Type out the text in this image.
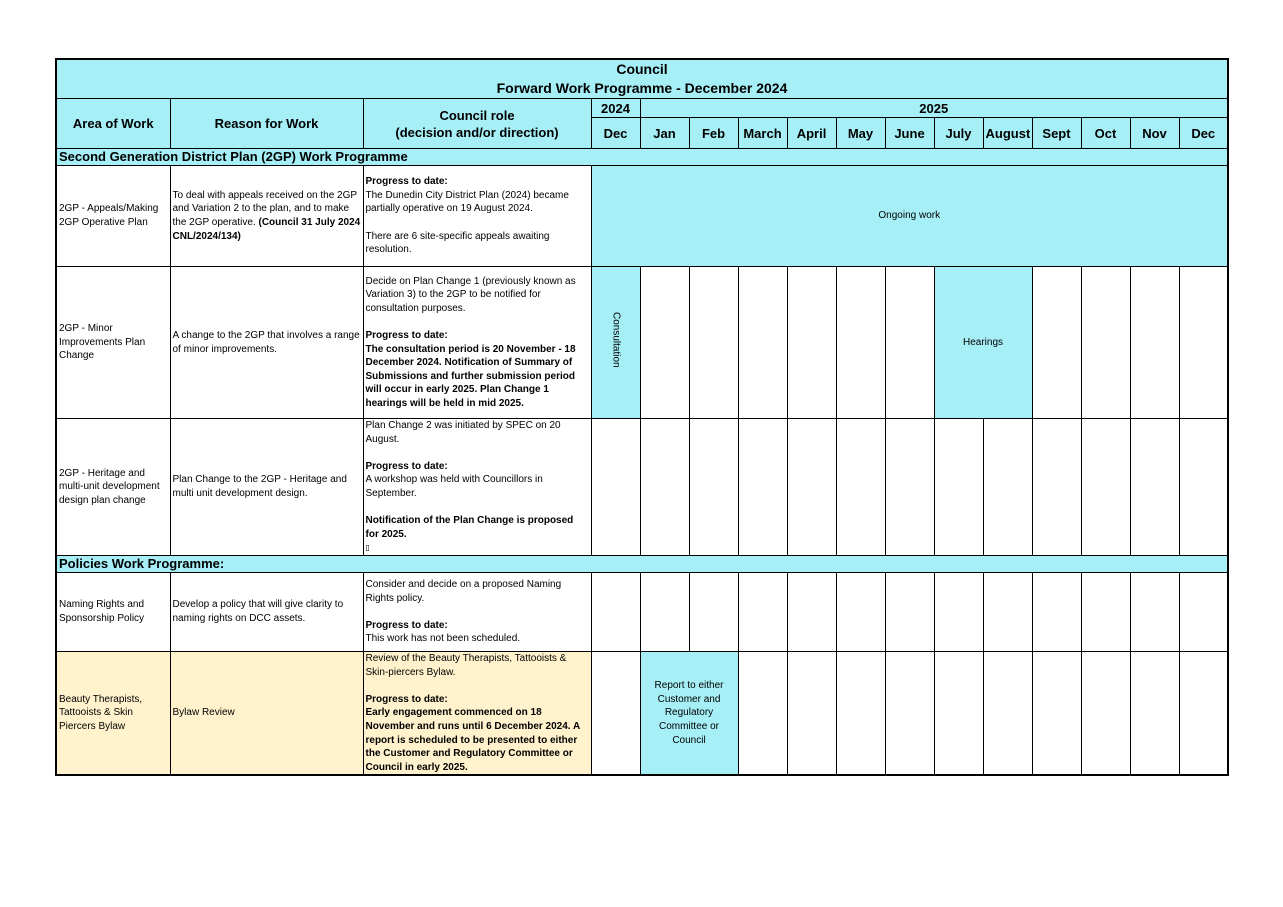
Council
Forward Work Programme - December 2024															

Area of Work	Reason for Work	Council role
(decision and/or direction)	2024	2025											
			Dec	Jan	Feb	March	April	May	June	July	August	Sept	Oct	Nov	Dec
Second Generation District Plan (2GP) Work Programme															
2GP - Appeals/Making 2GP Operative Plan	To deal with appeals received on the 2GP and Variation 2 to the plan, and to make the 2GP operative. (Council 31 July 2024 CNL/2024/134)	Progress to date:
The Dunedin City District Plan (2024) became partially operative on 19 August 2024.
There are 6 site-specific appeals awaiting resolution.	Ongoing work												
2GP - Minor Improvements Plan Change	A change to the 2GP that involves a range of minor improvements.	Decide on Plan Change 1 (previously known as Variation 3) to the 2GP to be notified for consultation purposes.
Progress to date:
The consultation period is 20 November - 18 December 2024. Notification of Summary of Submissions and further submission period will occur in early 2025. Plan Change 1 hearings will be held in mid 2025.	Consultation							Hearings					
2GP - Heritage and multi-unit development design plan change	Plan Change to the 2GP - Heritage and multi unit development design.	Plan Change 2 was initiated by SPEC on 20 August.
Progress to date:
A workshop was held with Councillors in September.
Notification of the Plan Change is proposed for 2025.
▯													

Policies Work Programme:															
Naming Rights and Sponsorship Policy	Develop a policy that will give clarity to naming rights on DCC assets.	Consider and decide on a proposed Naming Rights policy.
Progress to date:
This work has not been scheduled.													

Beauty Therapists, Tattooists & Skin Piercers Bylaw	Bylaw Review	Review of the Beauty Therapists, Tattooists & Skin-piercers Bylaw.
Progress to date:
Early engagement commenced on 18 November and runs until 6 December 2024. A report is scheduled to be presented to either the Customer and Regulatory Committee or Council in early 2025.		Report to either Customer and Regulatory Committee or Council											
